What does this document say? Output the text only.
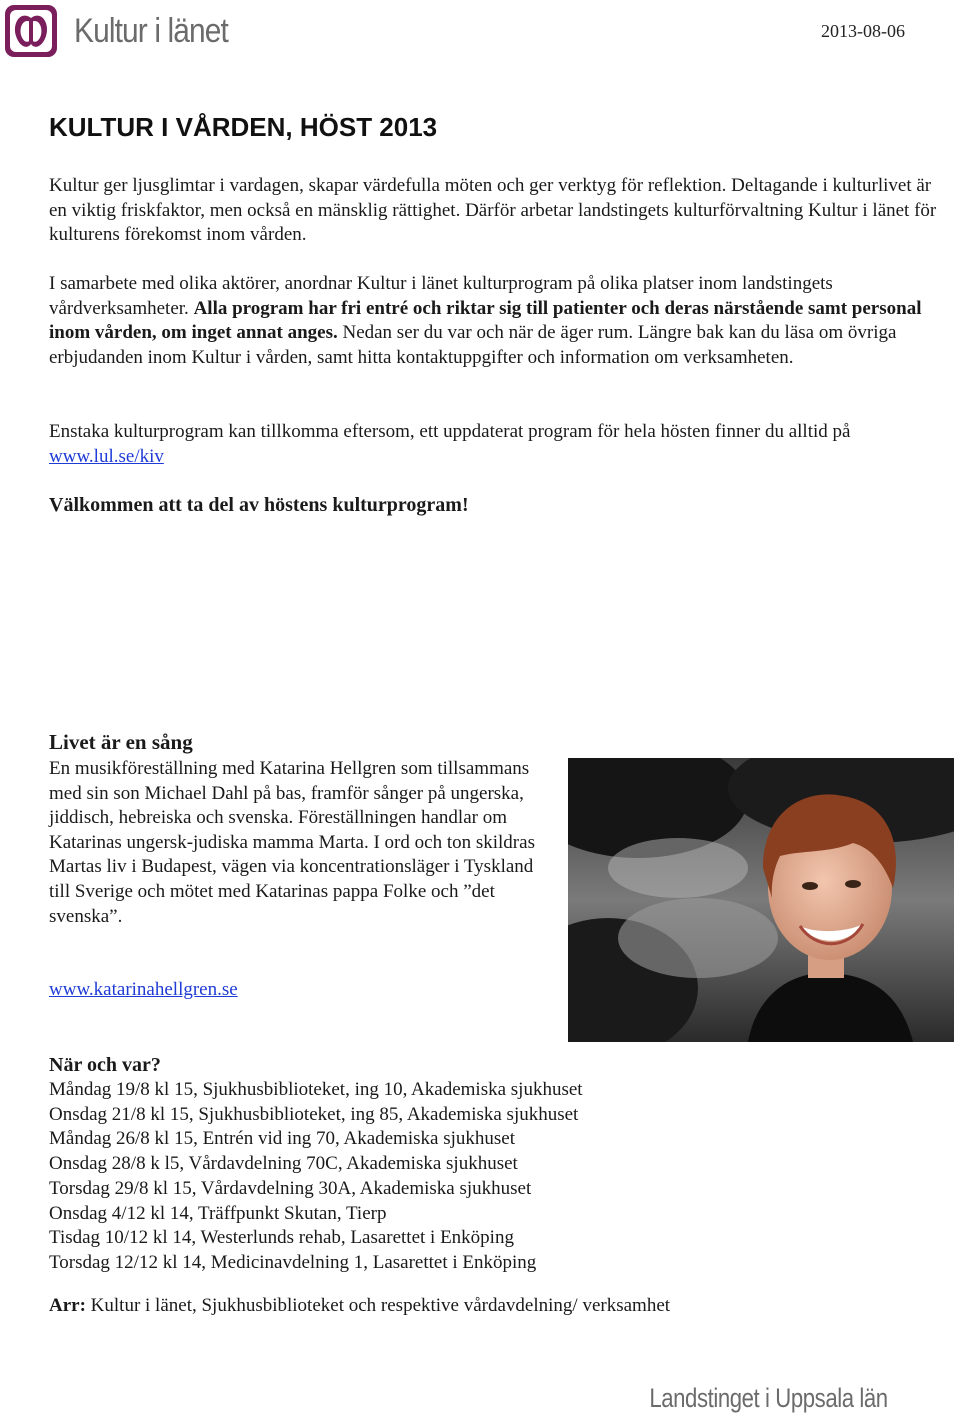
Kultur i länet	2013-08-06
KULTUR I VÅRDEN, HÖST 2013

Kultur ger ljusglimtar i vardagen, skapar värdefulla möten och ger verktyg för reflektion. Deltagande i kulturlivet är en viktig friskfaktor, men också en mänsklig rättighet. Därför arbetar landstingets kulturförvaltning Kultur i länet för kulturens förekomst inom vården.

I samarbete med olika aktörer, anordnar Kultur i länet kulturprogram på olika platser inom landstingets vårdverksamheter. Alla program har fri entré och riktar sig till patienter och deras närstående samt personal inom vården, om inget annat anges. Nedan ser du var och när de äger rum. Längre bak kan du läsa om övriga erbjudanden inom Kultur i vården, samt hitta kontaktuppgifter och information om verksamheten.

Enstaka kulturprogram kan tillkomma eftersom, ett uppdaterat program för hela hösten finner du alltid på www.lul.se/kiv

Välkommen att ta del av höstens kulturprogram!

Livet är en sång

En musikföreställning med Katarina Hellgren som tillsammans med sin son Michael Dahl på bas, framför sånger på ungerska, jiddisch, hebreiska och svenska. Föreställningen handlar om Katarinas ungersk-judiska mamma Marta. I ord och ton skildras Martas liv i Budapest, vägen via koncentrationsläger i Tyskland till Sverige och mötet med Katarinas pappa Folke och ”det svenska”.

www.katarinahellgren.se
När och var?
Måndag 19/8 kl 15, Sjukhusbiblioteket, ing 10, Akademiska sjukhuset
Onsdag 21/8 kl 15, Sjukhusbiblioteket, ing 85, Akademiska sjukhuset
Måndag 26/8 kl 15, Entrén vid ing 70, Akademiska sjukhuset
Onsdag 28/8 k l5, Vårdavdelning 70C, Akademiska sjukhuset
Torsdag 29/8 kl 15, Vårdavdelning 30A, Akademiska sjukhuset
Onsdag 4/12 kl 14, Träffpunkt Skutan, Tierp
Tisdag 10/12 kl 14, Westerlunds rehab, Lasarettet i Enköping
Torsdag 12/12 kl 14, Medicinavdelning 1, Lasarettet i Enköping

Arr: Kultur i länet, Sjukhusbiblioteket och respektive vårdavdelning/ verksamhet

Landstinget i Uppsala län
